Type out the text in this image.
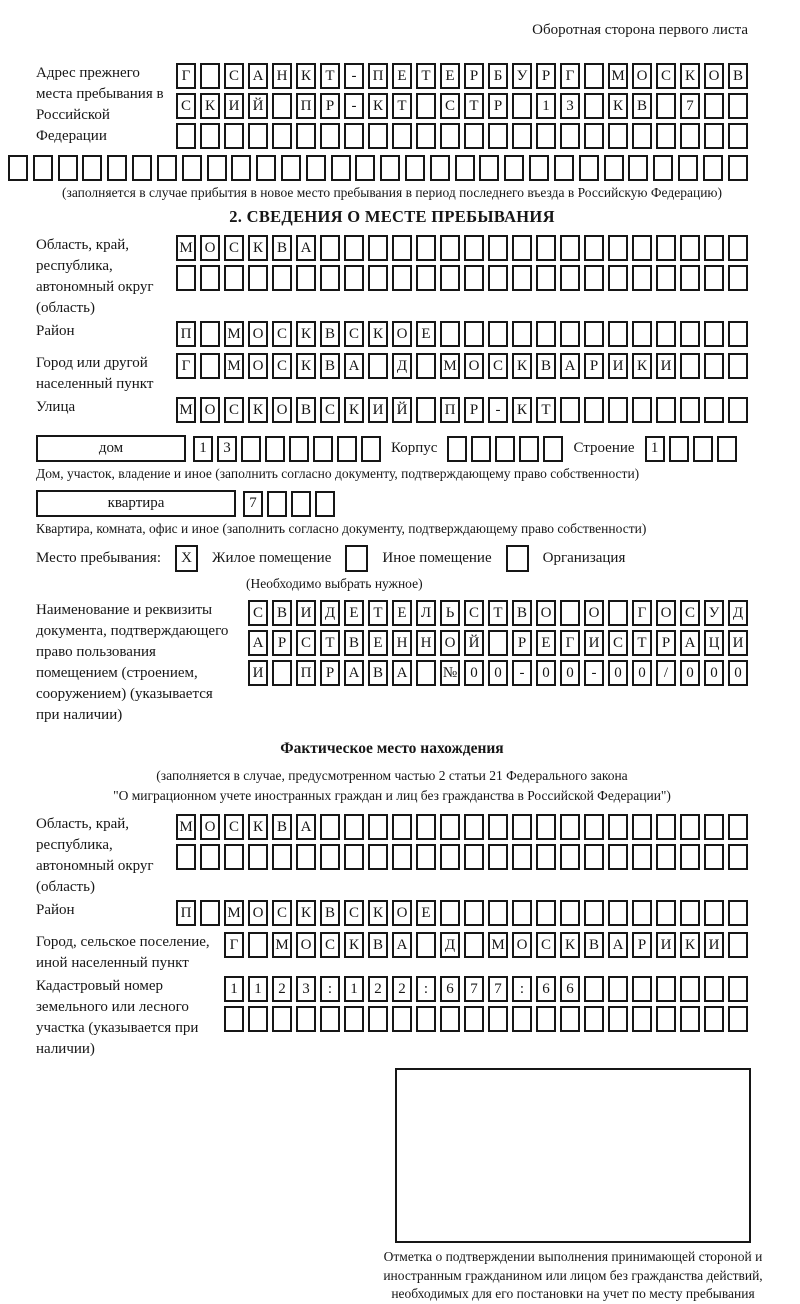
Оборотная сторона первого листа
Адрес прежнего места пребывания в Российской Федерации
Г	С А Н К Т	-	П Е Т Е	Р	Б У Р	Г	М О С К О В
С К И Й	П Р	-	К Т	С Т	Р	1	3	К В	7
(заполняется в случае прибытия в новое место пребывания в период последнего въезда в Российскую Федерацию)
2. СВЕДЕНИЯ О МЕСТЕ ПРЕБЫВАНИЯ
Область, край, республика, автономный округ (область)
М О С К В А
Район	П	М О С К В С К О Е
Город или другой населенный пункт
Г	М О С К В А	Д	М О С К В А Р И К И
Улица	М О С К О В С К И Й	П Р	-	К Т
дом	1	3	Корпус	Строение	1
Дом, участок, владение и иное (заполнить согласно документу, подтверждающему право собственности)
квартира	7
Квартира, комната, офис и иное (заполнить согласно документу, подтверждающему право собственности)
Место пребывания:	X	Жилое помещение	Иное помещение	Организация
(Необходимо выбрать нужное)
Наименование и реквизиты документа, подтверждающего право пользования помещением (строением, сооружением) (указывается при наличии)
С В И Д Е Т Е Л Ь С Т В О	О	Г О С У Д
А Р С Т В Е Н Н О Й	Р	Е	Г И С Т	Р А Ц И
И	П Р А В А	№ 0	0	-	0	0	-	0	0	/	0	0	0
Фактическое место нахождения
(заполняется в случае, предусмотренном частью 2 статьи 21 Федерального закона
"О миграционном учете иностранных граждан и лиц без гражданства в Российской Федерации")
Область, край, республика, автономный округ (область)
М О С К В А
Район	П	М О С К В С К О Е
Город, сельское поселение, иной населенный пункт
Г	М О С К В А	Д	М О С К В А Р И К И
Кадастровый номер земельного или лесного участка (указывается при наличии)
1	1	2	3	:	1	2	2	:	6	7	7	:	6	6
Отметка о подтверждении выполнения принимающей стороной и иностранным гражданином или лицом без гражданства действий, необходимых для его постановки на учет по месту пребывания
